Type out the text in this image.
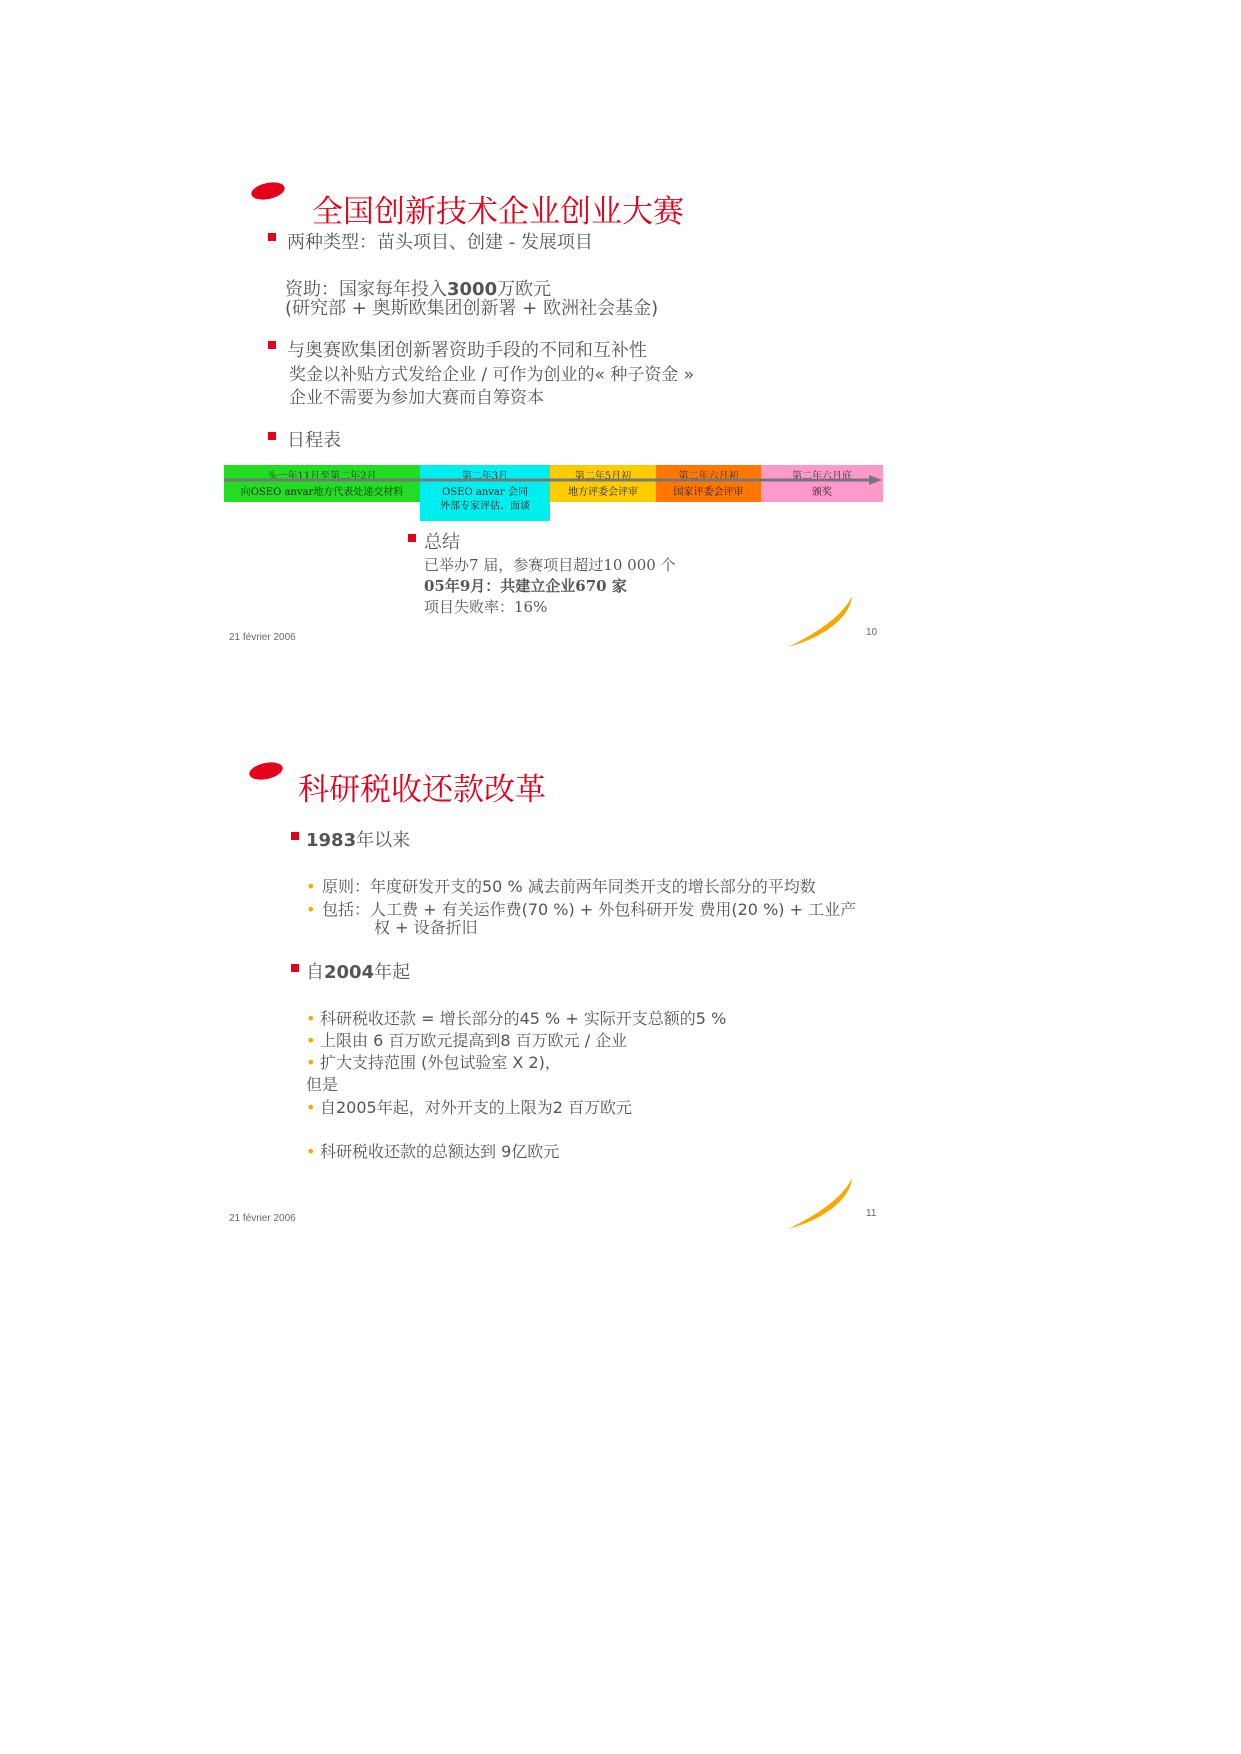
全国创新技术企业创业大赛
两种类型：苗头项目、创建 - 发展项目
资助：国家每年投入3000万欧元
(研究部 + 奥斯欧集团创新署 + 欧洲社会基金)
与奥赛欧集团创新署资助手段的不同和互补性
奖金以补贴方式发给企业 / 可作为创业的« 种子资金 »
企业不需要为参加大赛而自筹资本
日程表
头一年11月至第二年2月
向OSEO anvar地方代表处递交材料
第二年3月
OSEO anvar 会同外部专家评估、面谈
第二年5月初
地方评委会评审
第二年六月初
国家评委会评审
第二年六月底
颁奖
总结
已举办7 届，参赛项目超过10 000 个
05年9月：共建立企业670 家
项目失败率：16%
21 février 2006	10
科研税收还款改革
1983年以来
• 原则：年度研发开支的50 % 减去前两年同类开支的增长部分的平均数
• 包括：人工费 + 有关运作费(70 %) + 外包科研开发 费用(20 %) + 工业产
权 + 设备折旧
自2004年起
• 科研税收还款 = 增长部分的45 % + 实际开支总额的5 %
• 上限由 6 百万欧元提高到8 百万欧元 / 企业
• 扩大支持范围 (外包试验室 X 2)，
但是
• 自2005年起，对外开支的上限为2 百万欧元
• 科研税收还款的总额达到 9亿欧元
21 février 2006	11
